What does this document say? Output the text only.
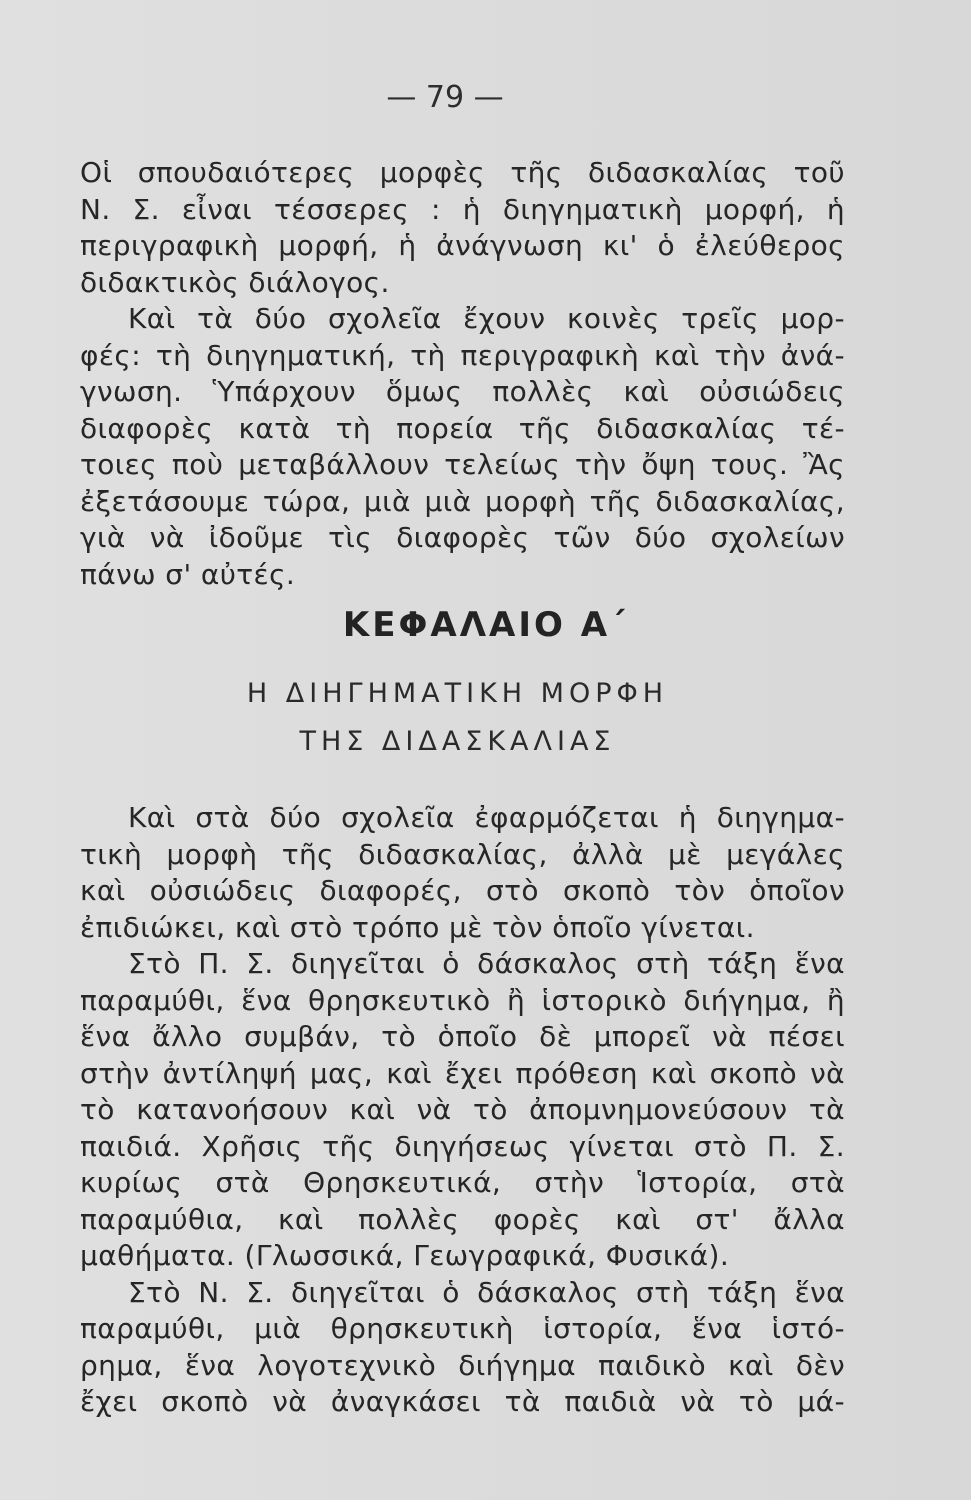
— 79 —
Οἱ σπουδαιότερες μορφὲς τῆς διδασκαλίας τοῦ
Ν. Σ. εἶναι τέσσερες : ἡ διηγηματικὴ μορφή, ἡ
περιγραφικὴ μορφή, ἡ ἀνάγνωση κι' ὁ ἐλεύθερος
διδακτικὸς διάλογος.
Καὶ τὰ δύο σχολεῖα ἔχουν κοινὲς τρεῖς μορ-
φές: τὴ διηγηματική, τὴ περιγραφικὴ καὶ τὴν ἀνά-
γνωση. Ὑπάρχουν ὅμως πολλὲς καὶ οὐσιώδεις
διαφορὲς κατὰ τὴ πορεία τῆς διδασκαλίας τέ-
τοιες ποὺ μεταβάλλουν τελείως τὴν ὄψη τους. Ἂς
ἐξετάσουμε τώρα, μιὰ μιὰ μορφὴ τῆς διδασκαλίας,
γιὰ νὰ ἰδοῦμε τὶς διαφορὲς τῶν δύο σχολείων
πάνω σ' αὐτές.
ΚΕΦΑΛΑΙΟ Α΄
Η ΔΙΗΓΗΜΑΤΙΚΗ ΜΟΡΦΗ
ΤΗΣ ΔΙΔΑΣΚΑΛΙΑΣ
Καὶ στὰ δύο σχολεῖα ἐφαρμόζεται ἡ διηγημα-
τικὴ μορφὴ τῆς διδασκαλίας, ἀλλὰ μὲ μεγάλες
καὶ οὐσιώδεις διαφορές, στὸ σκοπὸ τὸν ὁποῖον
ἐπιδιώκει, καὶ στὸ τρόπο μὲ τὸν ὁποῖο γίνεται.
Στὸ Π. Σ. διηγεῖται ὁ δάσκαλος στὴ τάξη ἕνα
παραμύθι, ἕνα θρησκευτικὸ ἢ ἱστορικὸ διήγημα, ἢ
ἕνα ἄλλο συμβάν, τὸ ὁποῖο δὲ μπορεῖ νὰ πέσει
στὴν ἀντίληψή μας, καὶ ἔχει πρόθεση καὶ σκοπὸ νὰ
τὸ κατανοήσουν καὶ νὰ τὸ ἀπομνημονεύσουν τὰ
παιδιά. Χρῆσις τῆς διηγήσεως γίνεται στὸ Π. Σ.
κυρίως στὰ Θρησκευτικά, στὴν Ἱστορία, στὰ
παραμύθια, καὶ πολλὲς φορὲς καὶ στ' ἄλλα
μαθήματα. (Γλωσσικά, Γεωγραφικά, Φυσικά).
Στὸ Ν. Σ. διηγεῖται ὁ δάσκαλος στὴ τάξη ἕνα
παραμύθι, μιὰ θρησκευτικὴ ἱστορία, ἕνα ἱστό-
ρημα, ἕνα λογοτεχνικὸ διήγημα παιδικὸ καὶ δὲν
ἔχει σκοπὸ νὰ ἀναγκάσει τὰ παιδιὰ νὰ τὸ μά-
